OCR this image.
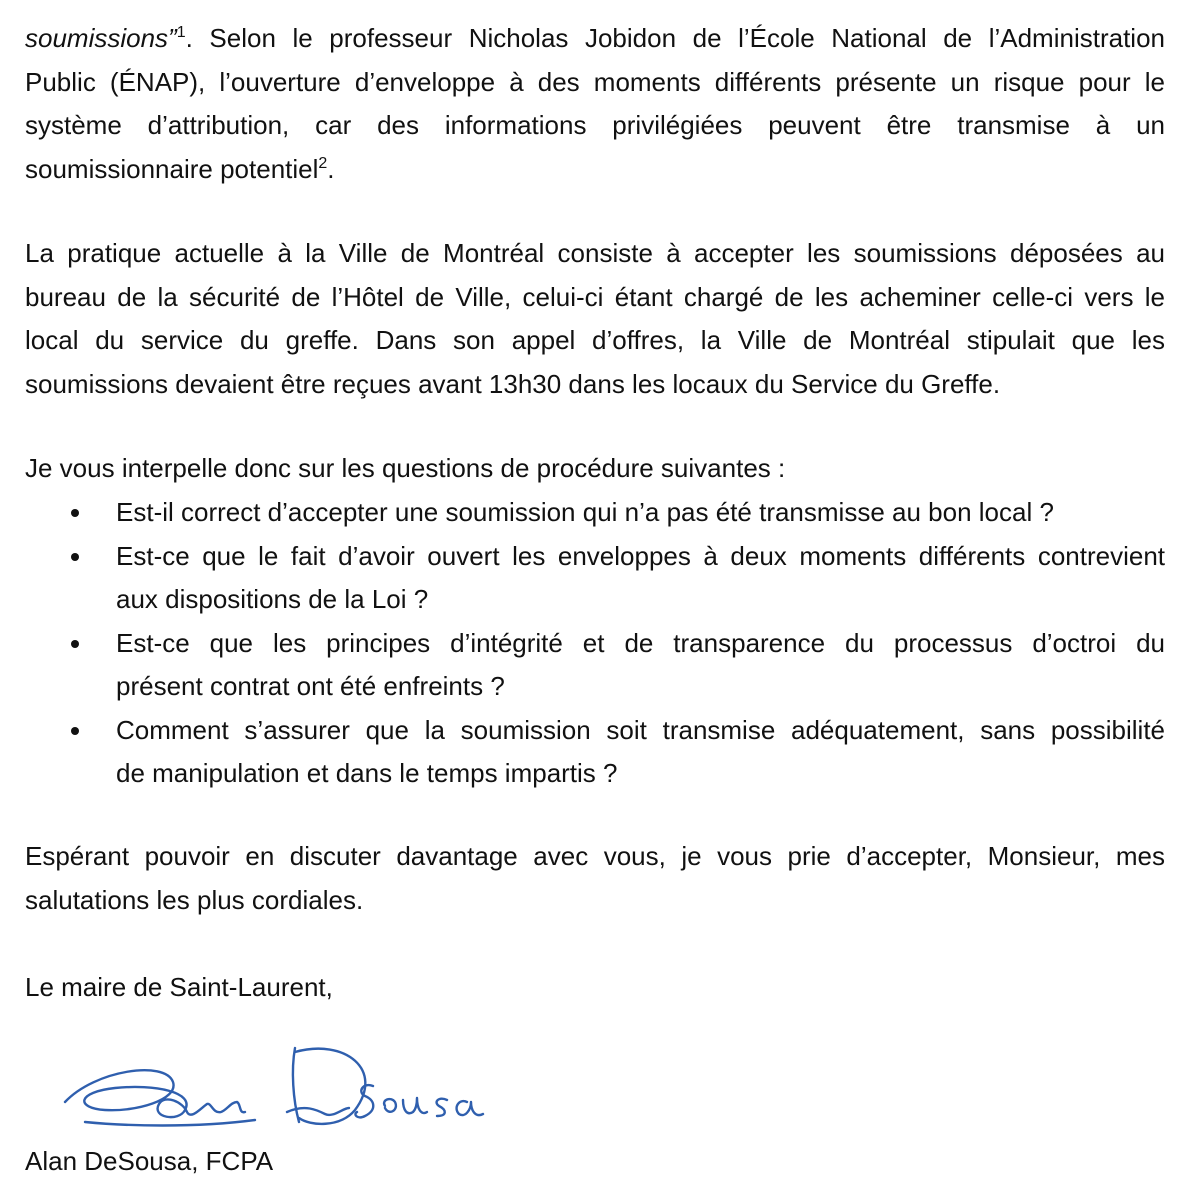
soumissions”$^1$. Selon le professeur Nicholas Jobidon de l’École National de l’Administration
Public (ÉNAP), l’ouverture d’enveloppe à des moments différents présente un risque pour le
système d’attribution, car des informations privilégiées peuvent être transmise à un
soumissionnaire potentiel$^2$.

La pratique actuelle à la Ville de Montréal consiste à accepter les soumissions déposées au
bureau de la sécurité de l’Hôtel de Ville, celui-ci étant chargé de les acheminer celle-ci vers le
local du service du greffe. Dans son appel d’offres, la Ville de Montréal stipulait que les
soumissions devaient être reçues avant 13h30 dans les locaux du Service du Greffe.

Je vous interpelle donc sur les questions de procédure suivantes :

Est-il correct d’accepter une soumission qui n’a pas été transmisse au bon local ?
Est-ce que le fait d’avoir ouvert les enveloppes à deux moments différents contrevient
aux dispositions de la Loi ?
Est-ce que les principes d’intégrité et de transparence du processus d’octroi du
présent contrat ont été enfreints ?
Comment s’assurer que la soumission soit transmise adéquatement, sans possibilité
de manipulation et dans le temps impartis ?

Espérant pouvoir en discuter davantage avec vous, je vous prie d’accepter, Monsieur, mes
salutations les plus cordiales.

Le maire de Saint-Laurent,

Alan DeSousa, FCPA
